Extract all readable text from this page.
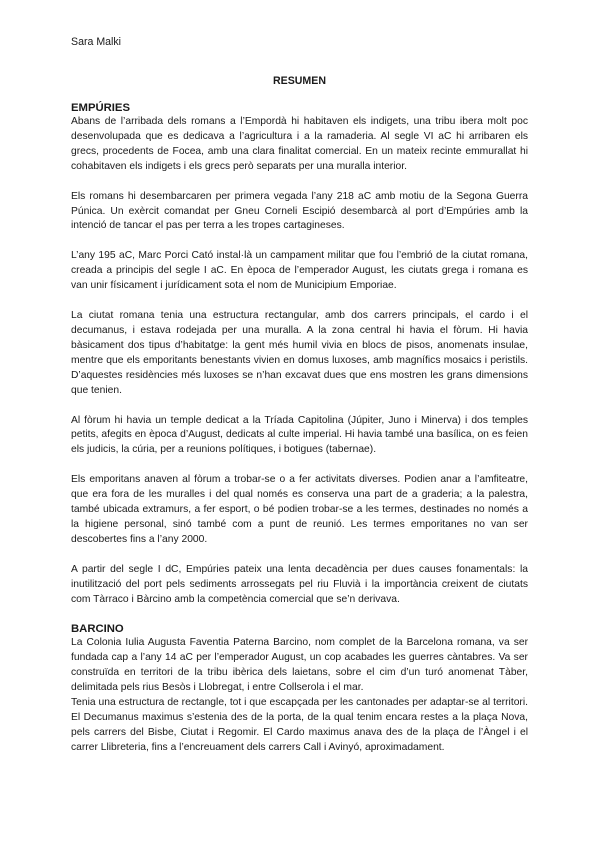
Sara Malki

RESUMEN

EMPÚRIES

Abans de l’arribada dels romans a l’Empordà hi habitaven els indigets, una tribu ibera molt poc desenvolupada que es dedicava a l’agricultura i a la ramaderia. Al segle VI aC hi arribaren els grecs, procedents de Focea, amb una clara finalitat comercial. En un mateix recinte emmurallat hi cohabitaven els indigets i els grecs però separats per una muralla interior.

Els romans hi desembarcaren per primera vegada l’any 218 aC amb motiu de la Segona Guerra Púnica. Un exèrcit comandat per Gneu Corneli Escipió desembarcà al port d’Empúries amb la intenció de tancar el pas per terra a les tropes cartagineses.

L’any 195 aC, Marc Porci Cató instal·là un campament militar que fou l’embrió de la ciutat romana, creada a principis del segle I aC. En època de l’emperador August, les ciutats grega i romana es van unir físicament i jurídicament sota el nom de Municipium Emporiae.

La ciutat romana tenia una estructura rectangular, amb dos carrers principals, el cardo i el decumanus, i estava rodejada per una muralla. A la zona central hi havia el fòrum. Hi havia bàsicament dos tipus d’habitatge: la gent més humil vivia en blocs de pisos, anomenats insulae, mentre que els emporitants benestants vivien en domus luxoses, amb magnífics mosaics i peristils. D’aquestes residències més luxoses se n’han excavat dues que ens mostren les grans dimensions que tenien.

Al fòrum hi havia un temple dedicat a la Tríada Capitolina (Júpiter, Juno i Minerva) i dos temples petits, afegits en època d’August, dedicats al culte imperial. Hi havia també una basílica, on es feien els judicis, la cúria, per a reunions polítiques, i botigues (tabernae).

Els emporitans anaven al fòrum a trobar-se o a fer activitats diverses. Podien anar a l’amfiteatre, que era fora de les muralles i del qual només es conserva una part de a graderia; a la palestra, també ubicada extramurs, a fer esport, o bé podien trobar-se a les termes, destinades no només a la higiene personal, sinó també com a punt de reunió. Les termes emporitanes no van ser descobertes fins a l’any 2000.

A partir del segle I dC, Empúries pateix una lenta decadència per dues causes fonamentals: la inutilització del port pels sediments arrossegats pel riu Fluvià i la importància creixent de ciutats com Tàrraco i Bàrcino amb la competència comercial que se’n derivava.

BARCINO

La Colonia Iulia Augusta Faventia Paterna Barcino, nom complet de la Barcelona romana, va ser fundada cap a l’any 14 aC per l’emperador August, un cop acabades les guerres càntabres. Va ser construïda en territori de la tribu ibèrica dels laietans, sobre el cim d’un turó anomenat Tàber, delimitada pels rius Besòs i Llobregat, i entre Collserola i el mar.

Tenia una estructura de rectangle, tot i que escapçada per les cantonades per adaptar-se al territori. El Decumanus maximus s’estenia des de la porta, de la qual tenim encara restes a la plaça Nova, pels carrers del Bisbe, Ciutat i Regomir. El Cardo maximus anava des de la plaça de l’Àngel i el carrer Llibreteria, fins a l’encreuament dels carrers Call i Avinyó, aproximadament.
